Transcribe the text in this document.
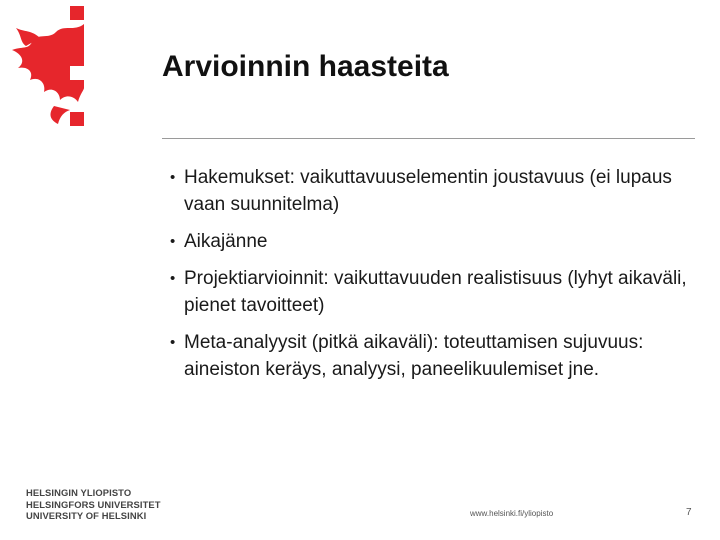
Arvioinnin haasteita
• Hakemukset: vaikuttavuuselementin joustavuus (ei lupaus vaan suunnitelma)
• Aikajänne
• Projektiarvioinnit: vaikuttavuuden realistisuus (lyhyt aikaväli, pienet tavoitteet)
• Meta-analyysit (pitkä aikaväli): toteuttamisen sujuvuus: aineiston keräys, analyysi, paneelikuulemiset jne.
HELSINGIN YLIOPISTO
HELSINGFORS UNIVERSITET
UNIVERSITY OF HELSINKI	www.helsinki.fi/yliopisto	7
